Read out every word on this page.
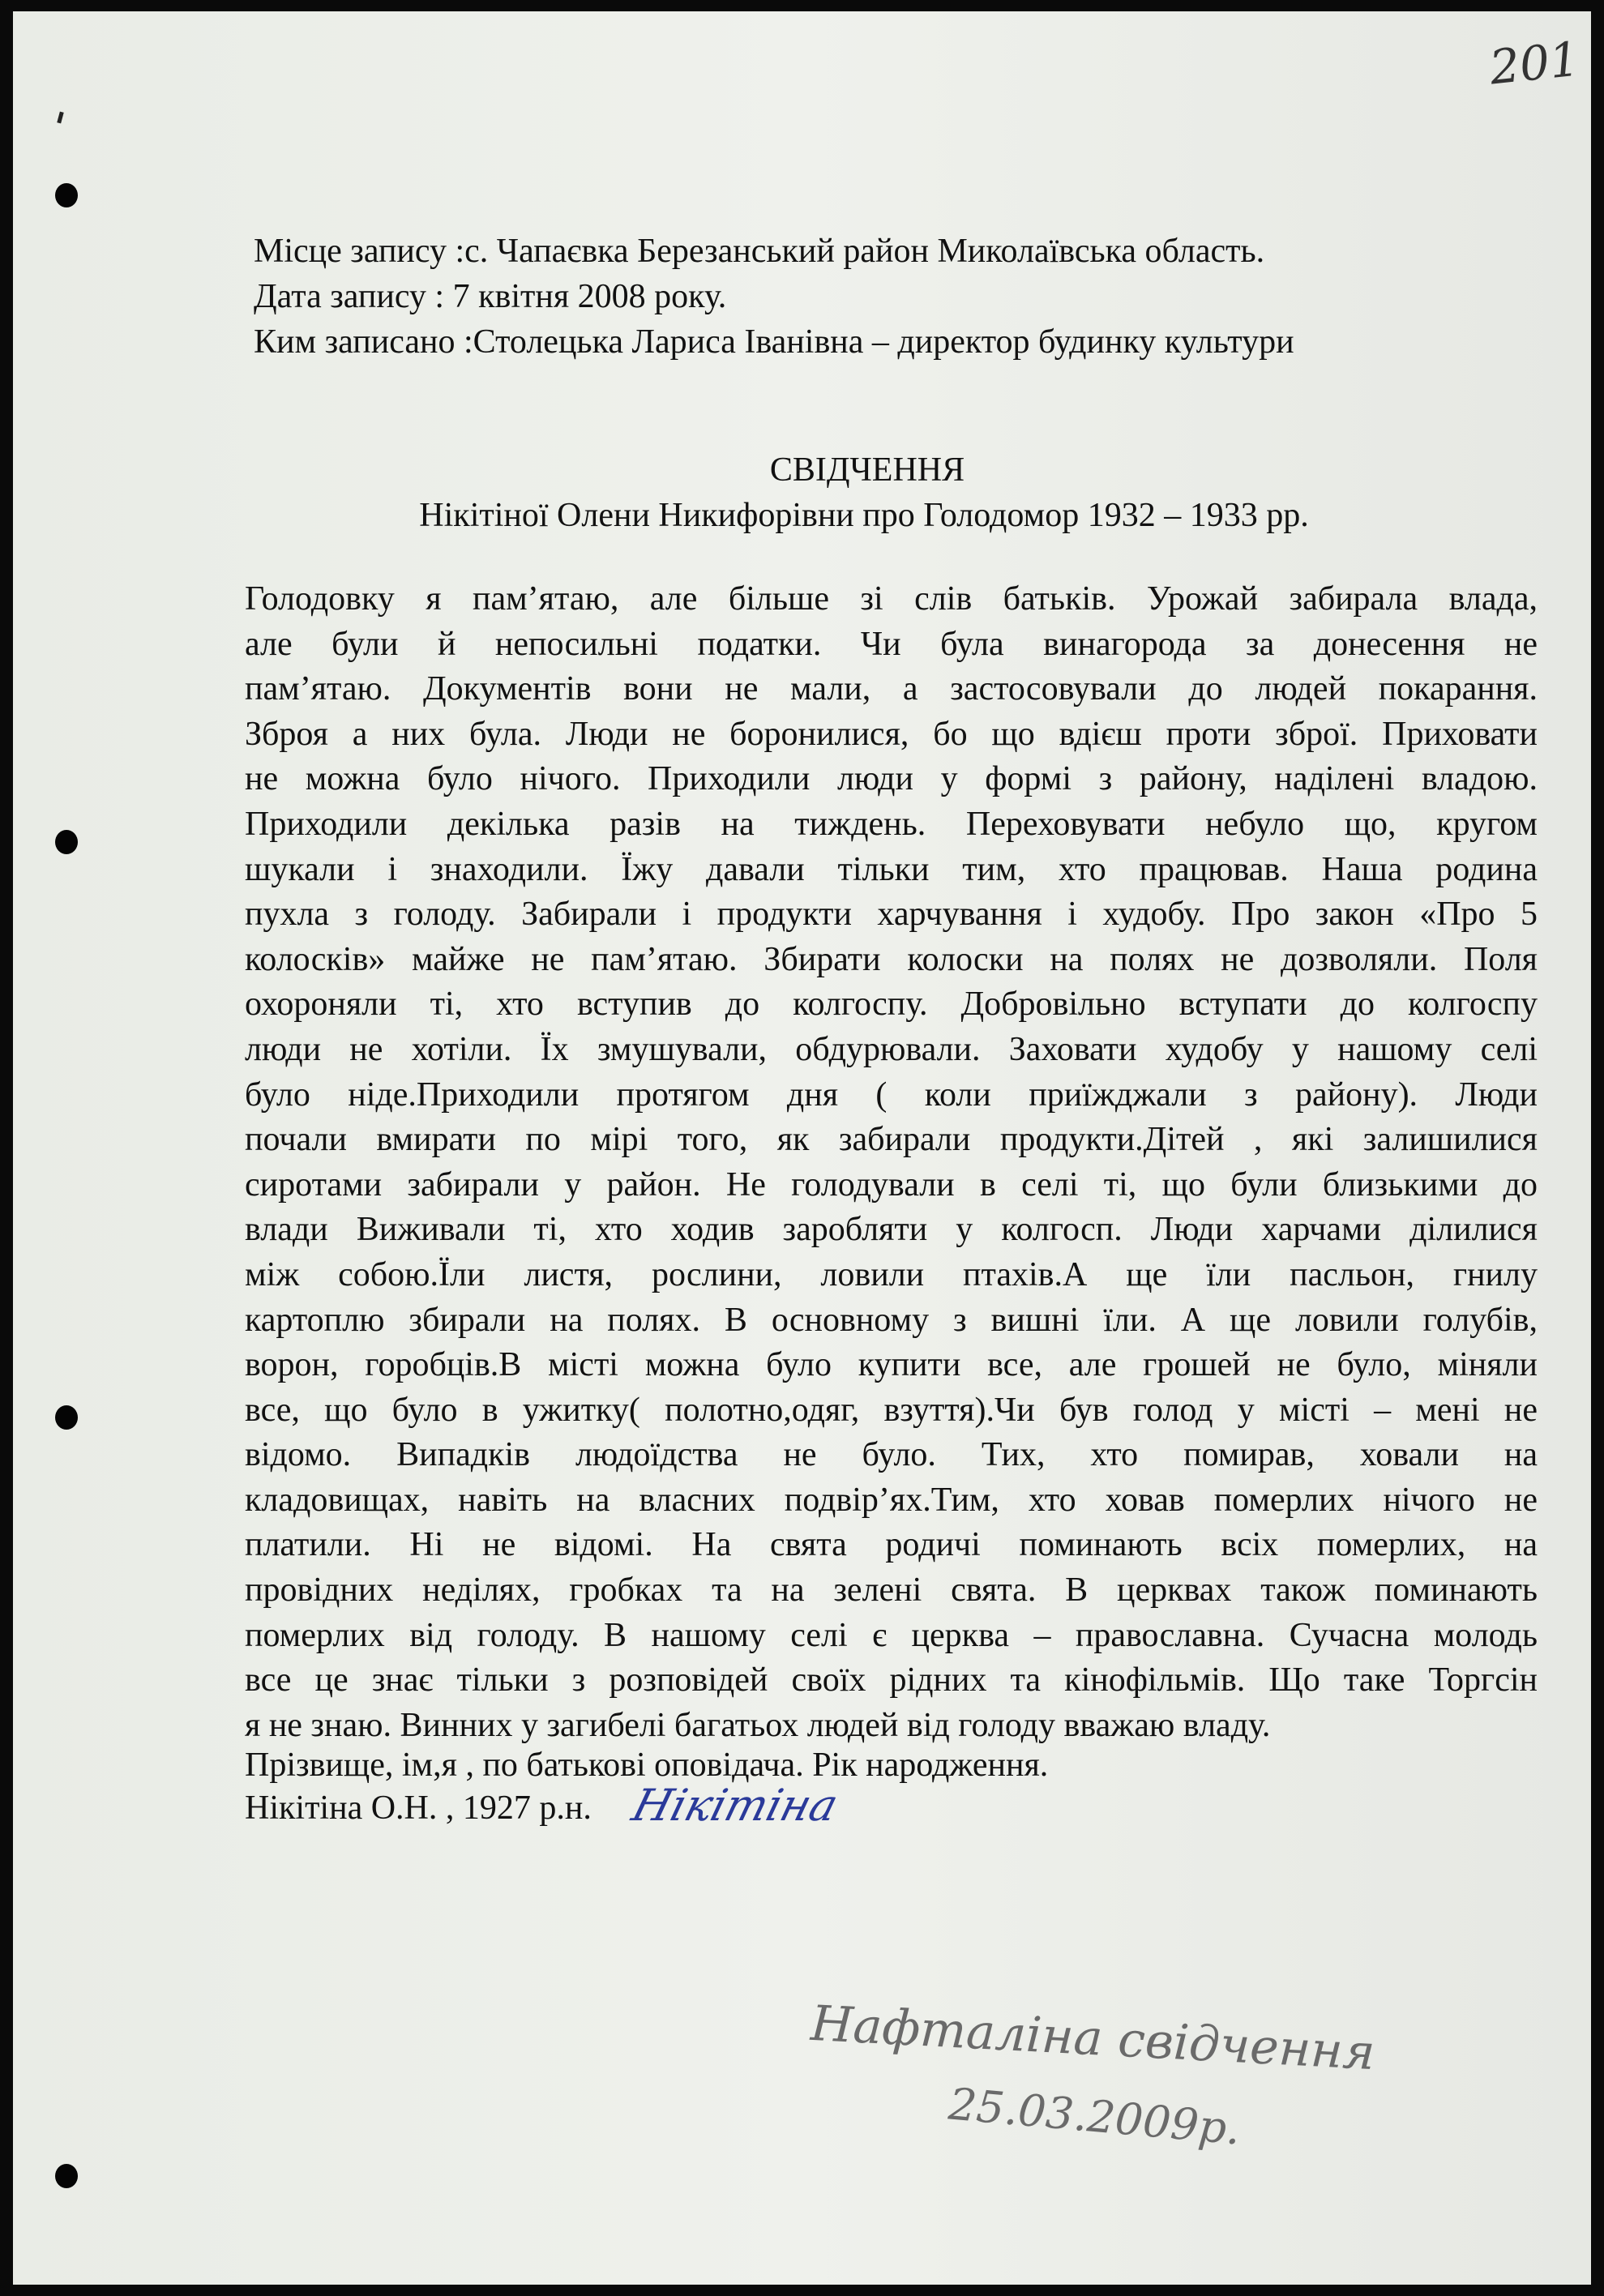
201
Місце запису :с. Чапаєвка Березанський район Миколаївська область.
Дата запису : 7 квітня 2008 року.
Ким записано :Столецька Лариса Іванівна – директор будинку культури
СВІДЧЕННЯ
Нікітіної Олени Никифорівни про Голодомор 1932 – 1933 рр.
Голодовку я пам’ятаю, але більше зі слів батьків. Урожай забирала влада,
але були й непосильні податки. Чи була винагорода за донесення не
пам’ятаю. Документів вони не мали, а застосовували до людей покарання.
Зброя а них була. Люди не боронилися, бо що вдієш проти зброї. Приховати
не можна було нічого. Приходили люди у формі з району, наділені владою.
Приходили декілька разів на тиждень. Переховувати небуло що, кругом
шукали і знаходили. Їжу давали тільки тим, хто працював. Наша родина
пухла з голоду. Забирали і продукти харчування і худобу. Про закон «Про 5
колосків» майже не пам’ятаю. Збирати колоски на полях не дозволяли. Поля
охороняли ті, хто вступив до колгоспу. Добровільно вступати до колгоспу
люди не хотіли. Їх змушували, обдурювали. Заховати худобу у нашому селі
було ніде.Приходили протягом дня ( коли приїжджали з району). Люди
почали вмирати по мірі того, як забирали продукти.Дітей , які залишилися
сиротами забирали у район. Не голодували в селі ті, що були близькими до
влади Виживали ті, хто ходив заробляти у колгосп. Люди харчами ділилися
між собою.Їли листя, рослини, ловили птахів.А ще їли пасльон, гнилу
картоплю збирали на полях. В основному з вишні їли. А ще ловили голубів,
ворон, горобців.В місті можна було купити все, але грошей не було, міняли
все, що було в ужитку( полотно,одяг, взуття).Чи був голод у місті – мені не
відомо. Випадків людоїдства не було. Тих, хто помирав, ховали на
кладовищах, навіть на власних подвір’ях.Тим, хто ховав померлих нічого не
платили. Ні не відомі. На свята родичі поминають всіх померлих, на
провідних неділях, гробках та на зелені свята. В церквах також поминають
померлих від голоду. В нашому селі є церква – православна. Сучасна молодь
все це знає тільки з розповідей своїх рідних та кінофільмів. Що таке Торгсін
я не знаю. Винних у загибелі багатьох людей від голоду вважаю владу.
Прізвище, ім,я , по батькові оповідача. Рік народження.
Нікітіна О.Н. , 1927 р.н. Нікітіна
Нафталіна свідчення
25.03.2009р.
